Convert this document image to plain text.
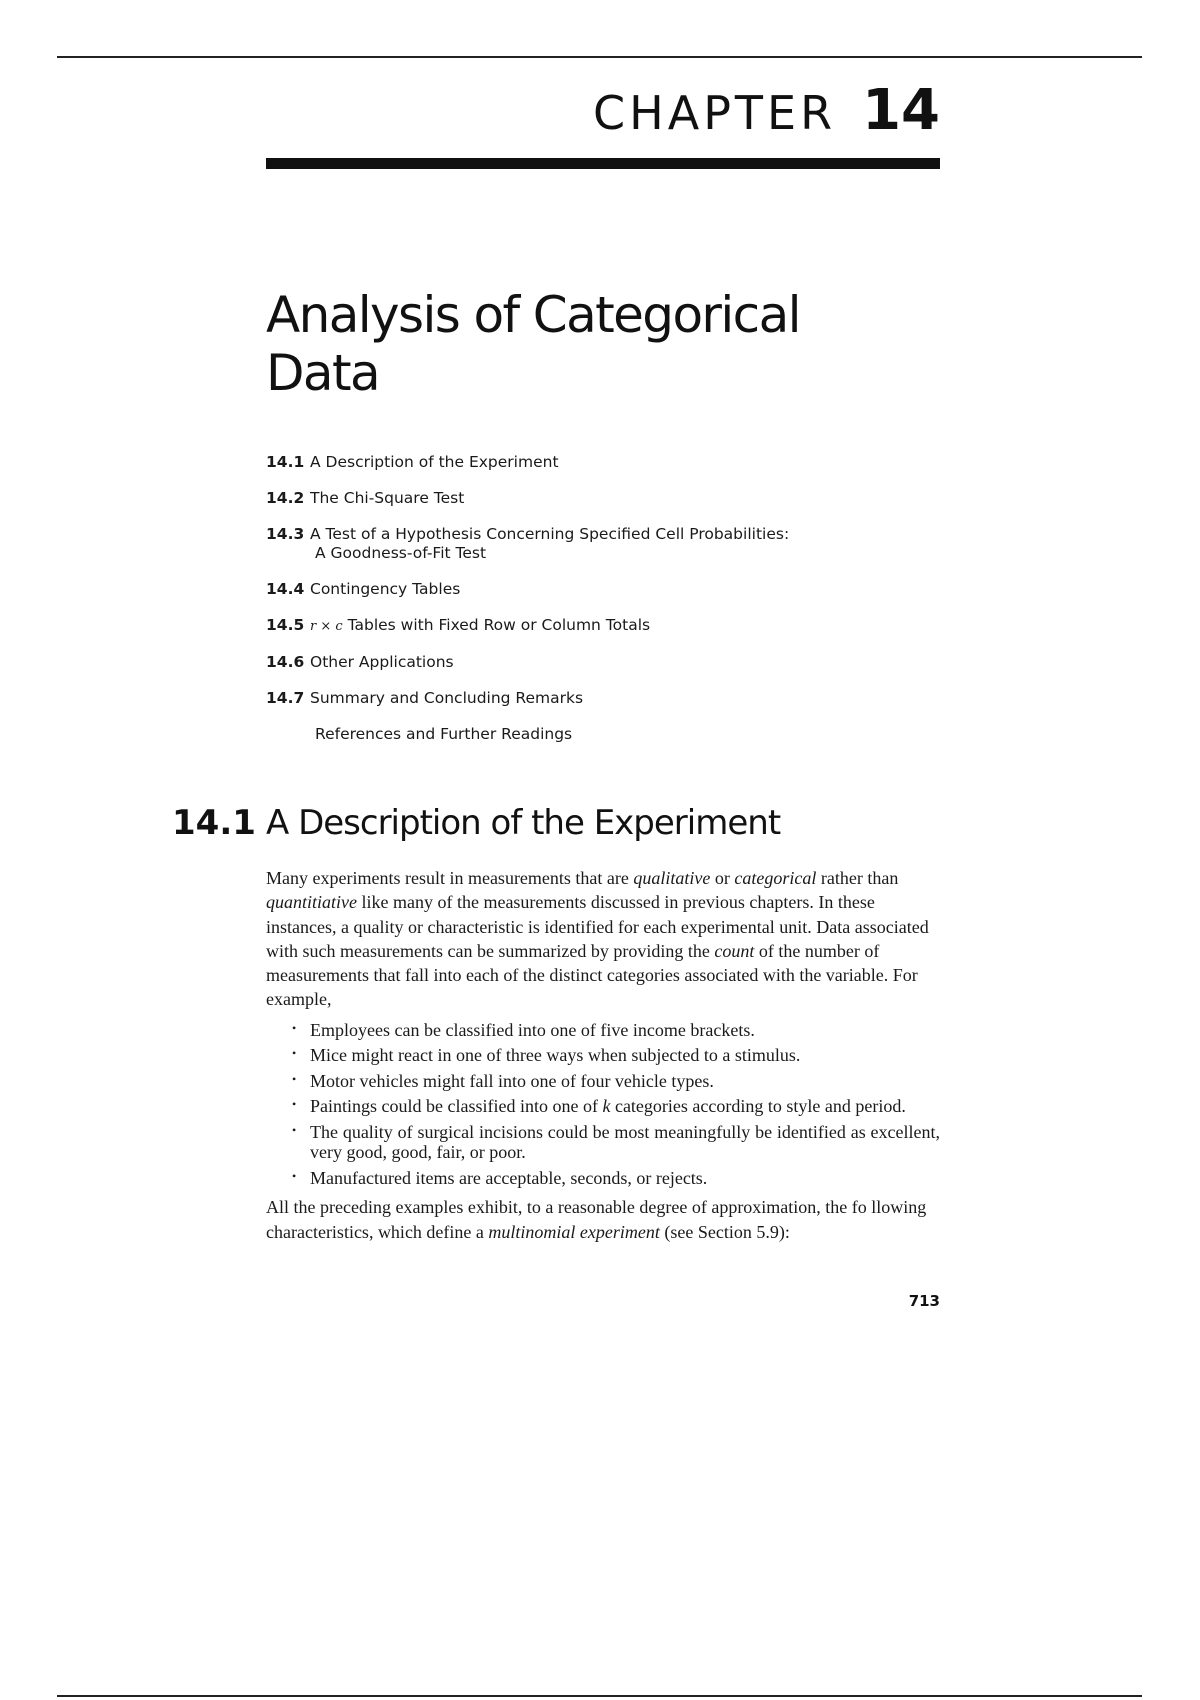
CHAPTER 14
Analysis of Categorical
Data
14.1 A Description of the Experiment
14.2 The Chi-Square Test
14.3 A Test of a Hypothesis Concerning Specified Cell Probabilities:
A Goodness-of-Fit Test
14.4 Contingency Tables
14.5 r × c Tables with Fixed Row or Column Totals
14.6 Other Applications
14.7 Summary and Concluding Remarks
References and Further Readings
14.1 A Description of the Experiment

Many experiments result in measurements that are qualitative or categorical rather than quantitiative like many of the measurements discussed in previous chapters. In these instances, a quality or characteristic is identified for each experimental unit. Data associated with such measurements can be summarized by providing the count of the number of measurements that fall into each of the distinct categories associated with the variable. For example,

• Employees can be classified into one of five income brackets.
• Mice might react in one of three ways when subjected to a stimulus.
• Motor vehicles might fall into one of four vehicle types.
• Paintings could be classified into one of k categories according to style and period.
• The quality of surgical incisions could be most meaningfully be identified as excellent, very good, good, fair, or poor.
• Manufactured items are acceptable, seconds, or rejects.

All the preceding examples exhibit, to a reasonable degree of approximation, the fo llowing characteristics, which define a multinomial experiment (see Section 5.9):

713
